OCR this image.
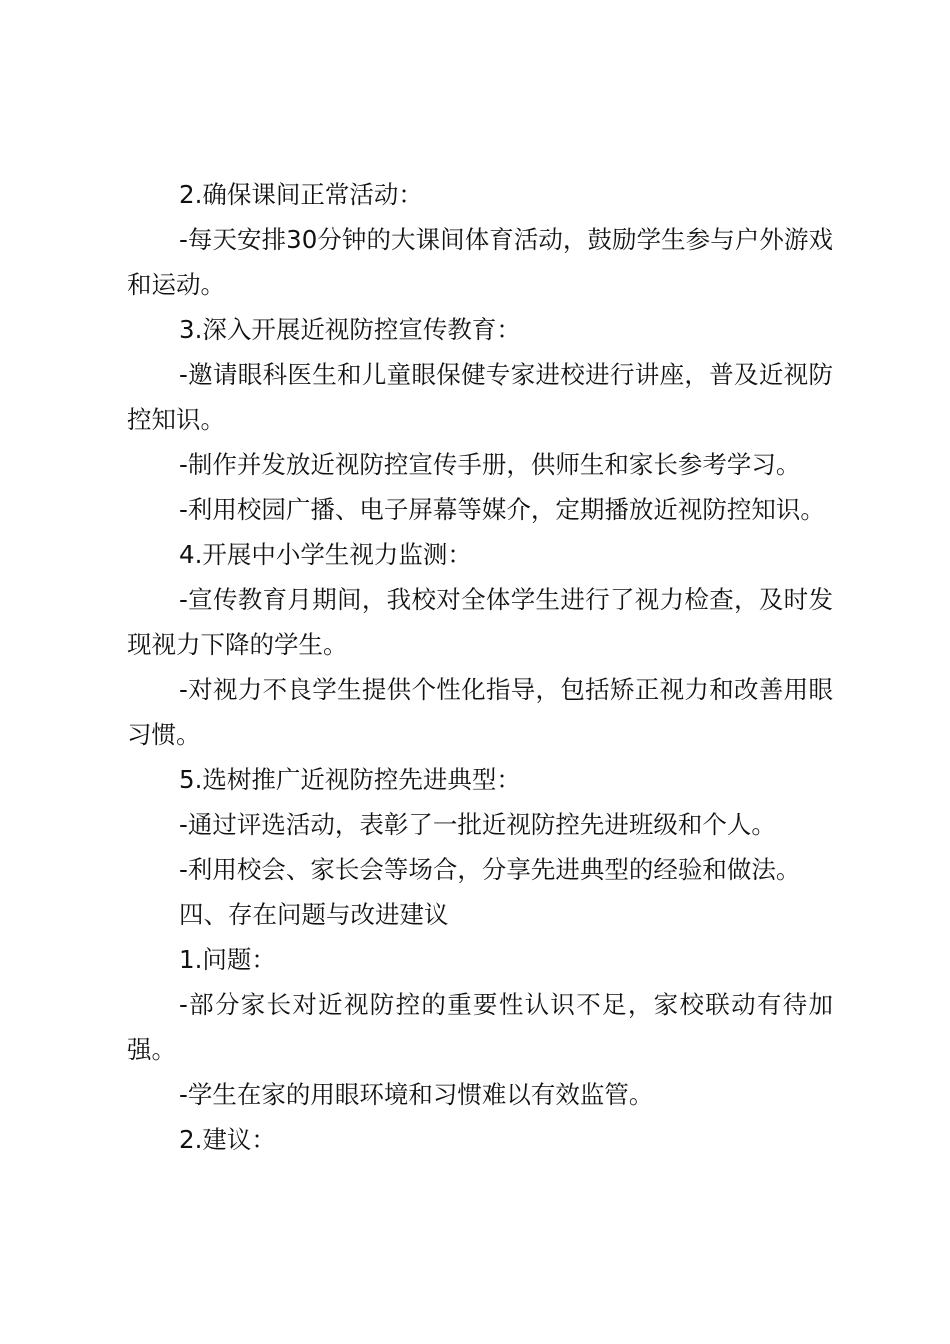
2.确保课间正常活动：

-每天安排30分钟的大课间体育活动，鼓励学生参与户外游戏和运动。

3.深入开展近视防控宣传教育：

-邀请眼科医生和儿童眼保健专家进校进行讲座，普及近视防控知识。

-制作并发放近视防控宣传手册，供师生和家长参考学习。

-利用校园广播、电子屏幕等媒介，定期播放近视防控知识。

4.开展中小学生视力监测：

-宣传教育月期间，我校对全体学生进行了视力检查，及时发现视力下降的学生。

-对视力不良学生提供个性化指导，包括矫正视力和改善用眼习惯。

5.选树推广近视防控先进典型：

-通过评选活动，表彰了一批近视防控先进班级和个人。

-利用校会、家长会等场合，分享先进典型的经验和做法。

四、存在问题与改进建议

1.问题：

-部分家长对近视防控的重要性认识不足，家校联动有待加强。

-学生在家的用眼环境和习惯难以有效监管。

2.建议：
